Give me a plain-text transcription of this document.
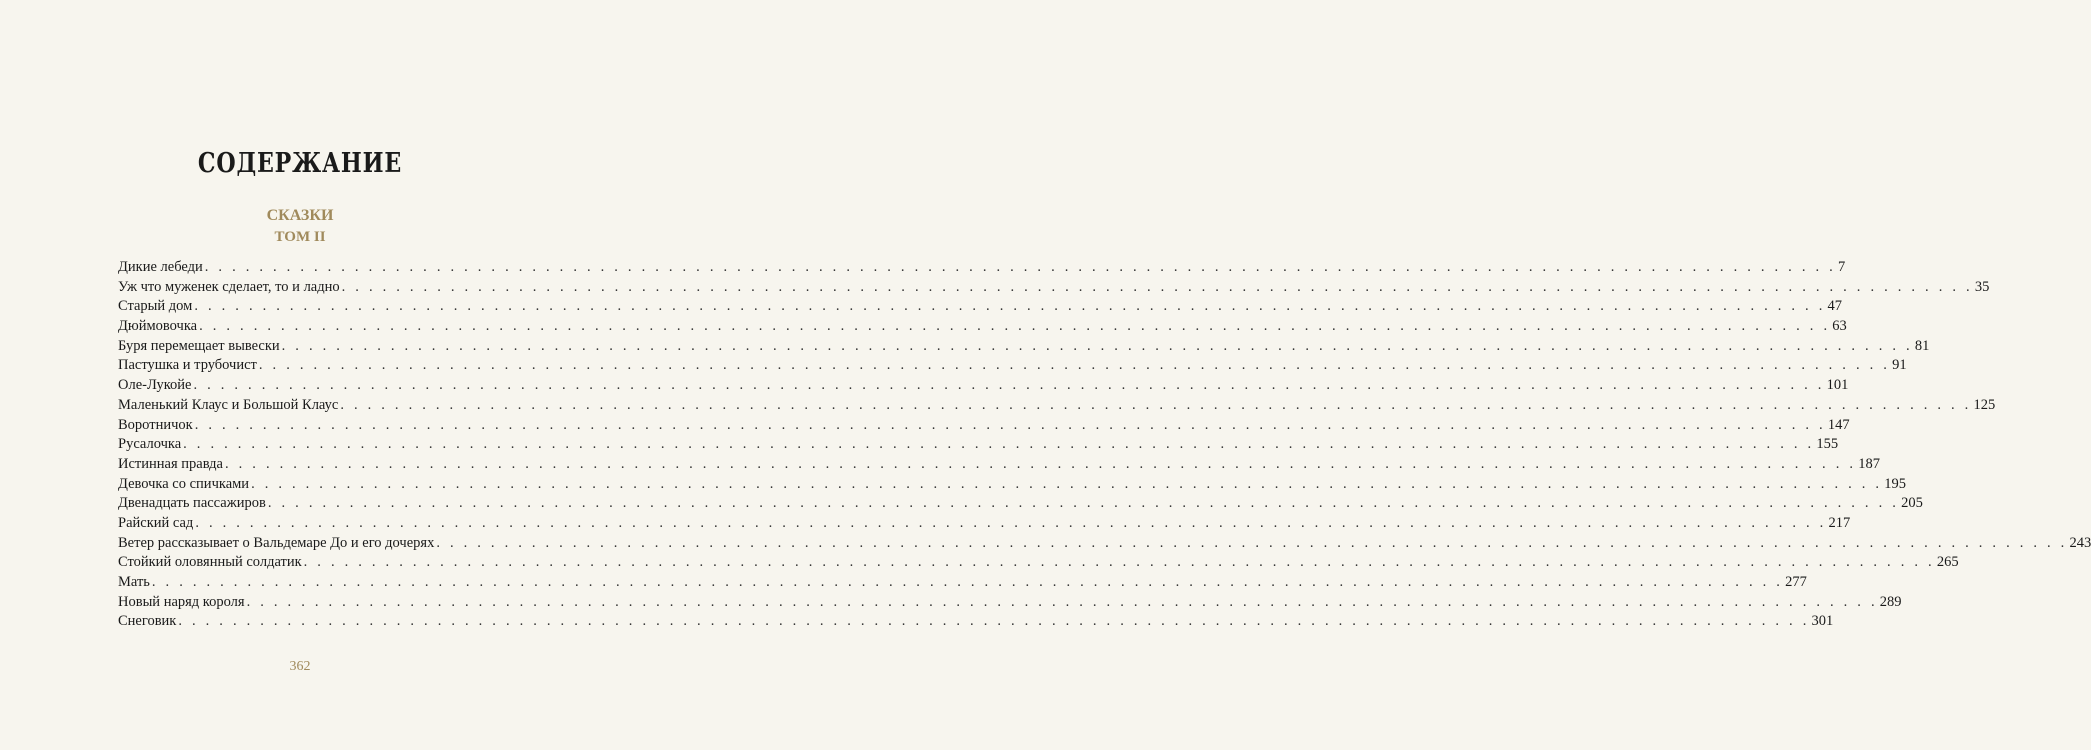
СОДЕРЖАНИЕ
СКАЗКИ
ТОМ II
Дикие лебеди . . . . . . . . . . . . . . . . . . . . . . . . . . . . . . . . . . . . . . . . . . . . . . . . . . . . . . . . . . . . . . . . . . . . . . . . . . . . . . . . . . . . . . . . . . . . . . . . . . . . . . . . . . . . . . . . . . . . . . . . 7
Уж что муженек сделает, то и ладно . . . . . . . . . . . . . . . . . . . . . . . . . . . . . . . . . . . . . . . . . . . . . . . . . . . . . . . . . . . . . . . . . . . . . . . . . . . . . . . . . . . . . . . . . . . . . . . . . . . . . . . . . . . . . . . . . . . . . . . . 35
Старый дом . . . . . . . . . . . . . . . . . . . . . . . . . . . . . . . . . . . . . . . . . . . . . . . . . . . . . . . . . . . . . . . . . . . . . . . . . . . . . . . . . . . . . . . . . . . . . . . . . . . . . . . . . . . . . . . . . . . . . . . . 47
Дюймовочка . . . . . . . . . . . . . . . . . . . . . . . . . . . . . . . . . . . . . . . . . . . . . . . . . . . . . . . . . . . . . . . . . . . . . . . . . . . . . . . . . . . . . . . . . . . . . . . . . . . . . . . . . . . . . . . . . . . . . . . . 63
Буря перемещает вывески . . . . . . . . . . . . . . . . . . . . . . . . . . . . . . . . . . . . . . . . . . . . . . . . . . . . . . . . . . . . . . . . . . . . . . . . . . . . . . . . . . . . . . . . . . . . . . . . . . . . . . . . . . . . . . . . . . . . . . . . 81
Пастушка и трубочист . . . . . . . . . . . . . . . . . . . . . . . . . . . . . . . . . . . . . . . . . . . . . . . . . . . . . . . . . . . . . . . . . . . . . . . . . . . . . . . . . . . . . . . . . . . . . . . . . . . . . . . . . . . . . . . . . . . . . . . . 91
Оле-Лукойе . . . . . . . . . . . . . . . . . . . . . . . . . . . . . . . . . . . . . . . . . . . . . . . . . . . . . . . . . . . . . . . . . . . . . . . . . . . . . . . . . . . . . . . . . . . . . . . . . . . . . . . . . . . . . . . . . . . . . . . . 101
Маленький Клаус и Большой Клаус . . . . . . . . . . . . . . . . . . . . . . . . . . . . . . . . . . . . . . . . . . . . . . . . . . . . . . . . . . . . . . . . . . . . . . . . . . . . . . . . . . . . . . . . . . . . . . . . . . . . . . . . . . . . . . . . . . . . . . . . 125
Воротничок . . . . . . . . . . . . . . . . . . . . . . . . . . . . . . . . . . . . . . . . . . . . . . . . . . . . . . . . . . . . . . . . . . . . . . . . . . . . . . . . . . . . . . . . . . . . . . . . . . . . . . . . . . . . . . . . . . . . . . . . 147
Русалочка . . . . . . . . . . . . . . . . . . . . . . . . . . . . . . . . . . . . . . . . . . . . . . . . . . . . . . . . . . . . . . . . . . . . . . . . . . . . . . . . . . . . . . . . . . . . . . . . . . . . . . . . . . . . . . . . . . . . . . . . 155
Истинная правда . . . . . . . . . . . . . . . . . . . . . . . . . . . . . . . . . . . . . . . . . . . . . . . . . . . . . . . . . . . . . . . . . . . . . . . . . . . . . . . . . . . . . . . . . . . . . . . . . . . . . . . . . . . . . . . . . . . . . . . . 187
Девочка со спичками . . . . . . . . . . . . . . . . . . . . . . . . . . . . . . . . . . . . . . . . . . . . . . . . . . . . . . . . . . . . . . . . . . . . . . . . . . . . . . . . . . . . . . . . . . . . . . . . . . . . . . . . . . . . . . . . . . . . . . . . 195
Двенадцать пассажиров . . . . . . . . . . . . . . . . . . . . . . . . . . . . . . . . . . . . . . . . . . . . . . . . . . . . . . . . . . . . . . . . . . . . . . . . . . . . . . . . . . . . . . . . . . . . . . . . . . . . . . . . . . . . . . . . . . . . . . . . 205
Райский сад . . . . . . . . . . . . . . . . . . . . . . . . . . . . . . . . . . . . . . . . . . . . . . . . . . . . . . . . . . . . . . . . . . . . . . . . . . . . . . . . . . . . . . . . . . . . . . . . . . . . . . . . . . . . . . . . . . . . . . . . 217
Ветер рассказывает о Вальдемаре До и его дочерях . . . . . . . . . . . . . . . . . . . . . . . . . . . . . . . . . . . . . . . . . . . . . . . . . . . . . . . . . . . . . . . . . . . . . . . . . . . . . . . . . . . . . . . . . . . . . . . . . . . . . . . . . . . . . . . . . . . . . . . . 243
Стойкий оловянный солдатик . . . . . . . . . . . . . . . . . . . . . . . . . . . . . . . . . . . . . . . . . . . . . . . . . . . . . . . . . . . . . . . . . . . . . . . . . . . . . . . . . . . . . . . . . . . . . . . . . . . . . . . . . . . . . . . . . . . . . . . . 265
Мать . . . . . . . . . . . . . . . . . . . . . . . . . . . . . . . . . . . . . . . . . . . . . . . . . . . . . . . . . . . . . . . . . . . . . . . . . . . . . . . . . . . . . . . . . . . . . . . . . . . . . . . . . . . . . . . . . . . . . . . . 277
Новый наряд короля . . . . . . . . . . . . . . . . . . . . . . . . . . . . . . . . . . . . . . . . . . . . . . . . . . . . . . . . . . . . . . . . . . . . . . . . . . . . . . . . . . . . . . . . . . . . . . . . . . . . . . . . . . . . . . . . . . . . . . . . 289
Снеговик . . . . . . . . . . . . . . . . . . . . . . . . . . . . . . . . . . . . . . . . . . . . . . . . . . . . . . . . . . . . . . . . . . . . . . . . . . . . . . . . . . . . . . . . . . . . . . . . . . . . . . . . . . . . . . . . . . . . . . . . 301
362
